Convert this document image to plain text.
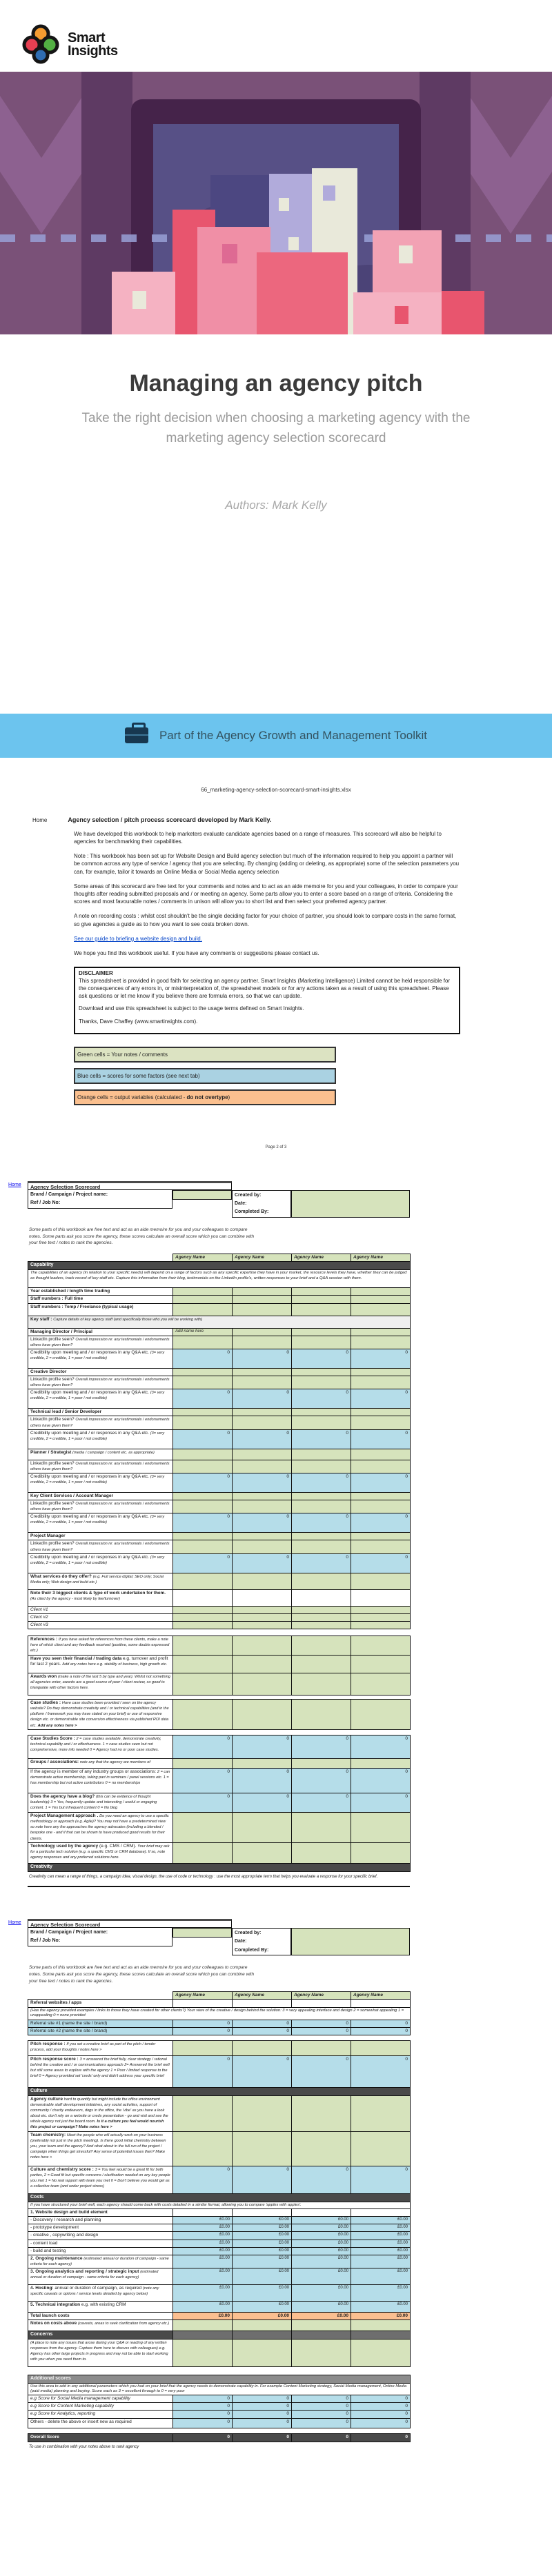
Smart
Insights
Managing an agency pitch
Take the right decision when choosing a marketing agency with the marketing agency selection scorecard
Authors: Mark Kelly
Part of the Agency Growth and Management Toolkit
66_marketing-agency-selection-scorecard-smart-insights.xlsx
Home	Agency selection / pitch process scorecard developed by Mark Kelly.

We have developed this workbook to help marketers evaluate candidate agencies based on a range of measures. This scorecard will also be helpful to agencies for benchmarking their capabilities.

Note : This workbook has been set up for Website Design and Build agency selection but much of the information required to help you appoint a partner will be common across any type of service / agency that you are selecting. By changing (adding or deleting, as appropriate) some of the selection parameters you can, for example, tailor it towards an Online Media or Social Media agency selection

Some areas of this scorecard are free text for your comments and notes and to act as an aide memoire for you and your colleagues, in order to compare your thoughts after reading submitted proposals and / or meeting an agency. Some parts allow you to enter a score based on a range of criteria. Considering the scores and most favourable notes / comments in unison will allow you to short list and then select your preferred agency partner.

A note on recording costs : whilst cost shouldn't be the single deciding factor for your choice of partner, you should look to compare costs in the same format, so give agencies a guide as to how you want to see costs broken down.

See our guide to briefing a website design and build.

We hope you find this workbook useful. If you have any comments or suggestions please contact us.

DISCLAIMER

This spreadsheet is provided in good faith for selecting an agency partner. Smart Insights (Marketing Intelligence) Limited cannot be held responsible for the consequences of any errors in, or misinterpretation of, the spreadsheet models or for any actions taken as a result of using this spreadsheet. Please ask questions or let me know if you believe there are formula errors, so that we can update.

Download and use this spreadsheet is subject to the usage terms defined on Smart Insights.

Thanks, Dave Chaffey (www.smartinsights.com).

Green cells = Your notes / comments
Blue cells = scores for some factors (see next tab)
Orange cells = output variables (calculated - do not overtype)
Page 2 of 3
Home	Agency Selection Scorecard
Brand / Campaign / Project name:
Ref / Job No:
Created by:
Date:
Completed By:
Some parts of this workbook are free text and act as an aide memoire for you and your colleagues to compare notes. Some parts ask you score the agency, these scores calculate an overall score which you can combine with your free text / notes to rank the agencies.
	Agency Name	Agency Name	Agency Name	Agency Name
Capability				
The capabilities of an agency (in relation to your specific needs) will depend on a range of factors such as any specific expertise they have in your market, the resource levels they have, whether they can be judged as thought leaders, track record of key staff etc. Capture this information from their blog, testimonials on the LinkedIn profile's, written responses to your brief and a Q&A session with them.				
Year established / length time trading				
Staff numbers : Full time				
Staff numbers : Temp / Freelance (typical usage)				
Key staff : Capture details of key agency staff (and specifically those who you will be working with)				
Managing Director / Principal	Add name here			
LinkedIn profile seen? Overall impression re: any testimonials / endorsements others have given them?				
Credibility upon meeting and / or responses in any Q&A etc. (3= very credible, 2 = credible, 1 = poor / not credible)	0	0	0	0
Creative Director				
LinkedIn profile seen? Overall impression re: any testimonials / endorsements others have given them?				
Credibility upon meeting and / or responses in any Q&A etc. (3= very credible, 2 = credible, 1 = poor / not credible)	0	0	0	0
Technical lead / Senior Developer				
LinkedIn profile seen? Overall impression re: any testimonials / endorsements others have given them?				
Credibility upon meeting and / or responses in any Q&A etc. (3= very credible, 2 = credible, 1 = poor / not credible)	0	0	0	0
Planner / Strategist (media / campaign / content etc. as appropriate)				
LinkedIn profile seen? Overall impression re: any testimonials / endorsements others have given them?				
Credibility upon meeting and / or responses in any Q&A etc. (3= very credible, 2 = credible, 1 = poor / not credible)	0	0	0	0
Key Client Services / Account Manager				
LinkedIn profile seen? Overall impression re: any testimonials / endorsements others have given them?				
Credibility upon meeting and / or responses in any Q&A etc. (3= very credible, 2 = credible, 1 = poor / not credible)	0	0	0	0
Project Manager				
LinkedIn profile seen? Overall impression re: any testimonials / endorsements others have given them?				
Credibility upon meeting and / or responses in any Q&A etc. (3= very credible, 2 = credible, 1 = poor / not credible)	0	0	0	0
What services do they offer? (e.g. Full service digital; SEO only; Social Media only; Web design and build etc.)				
Note their 3 biggest clients & type of work undertaken for them. (As cited by the agency - most likely by fee/turnover)				
Client #1				
Client #2				
Client #3				
References : If you have asked for references from these clients, make a note here of which client and any feedback received (positive, some doubts expressed etc.)				
Have you seen their financial / trading data e.g. turnover and profit for last 2 years. Add any notes here e.g. stability of business, high growth etc.				
Awards won (make a note of the last 5 by type and year). Whilst not something all agencies enter, awards are a good source of peer / client review, so good to triangulate with other factors here.				
Case studies : Have case studies been provided / seen on the agency website? Do they demonstrate creativity and / or technical capabilities (and in the platform / framework you may have stated on your brief) or use of responsive design etc. or demonstrable site conversion effectiveness via published ROI data etc. Add any notes here >				
Case Studies Score : 2 = case studies available, demonstrate creativity, technical capability and / or effectiveness. 1 = case studies seen but not comprehensive, more info needed 0 = Agency had no or poor case studies.	0	0	0	0
Groups / associations: note any that the agency are members of				
If the agency is member of any industry groups or associations: 2 = can demonstrate active membership, taking part in seminars / panel sessions etc. 1 = has membership but not active contributors 0 = no memberships	0	0	0	0
Does the agency have a blog? (this can be evidence of thought leadership) 3 = Yes, frequently update and interesting / useful or engaging content. 1 = Yes but infrequent content 0 = No blog	0	0	0	0
Project Management approach . Do you need an agency to use a specific methodology or approach (e.g. Agile)? You may not have a predetermined view so note here any the approaches the agency advocates (including a blended / bespoke one - and if that can be shown to have produced good results for their clients.				
Technology used by the agency (e.g. CMS / CRM). Your brief may ask for a particular tech solution (e.g. a specific CMS or CRM database). If so, note agency responses and any preferred solutions here.				
Creativity				
Creativity can mean a range of things, a campaign idea, visual design, the use of code or technology : use the most appropriate term that helps you evaluate a response for your specific brief.
Home	Agency Selection Scorecard
Brand / Campaign / Project name:
Ref / Job No:
Created by:
Date:
Completed By:
Some parts of this workbook are free text and act as an aide memoire for you and your colleagues to compare notes. Some parts ask you score the agency, these scores calculate an overall score which you can combine with your free text / notes to rank the agencies.
	Agency Name	Agency Name	Agency Name	Agency Name
Referral websites / apps				
(Has the agency provided examples / links to those they have created for other clients?) Your view of the creative / design behind the solution: 3 = very appealing interface and design 2 = somewhat appealing 1 = unappealing 0 = none provided				
Referral site #1 (name the site / brand)	0	0	0	0
Referral site #2 (name the site / brand)	0	0	0	0
Pitch response : If you set a creative brief as part of the pitch / tender process, add your thoughts / notes here >				
Pitch response score : 3 = answered the brief fully, clear strategy / rational behind the creative and / or communications approach 2= Answered the brief well but still some areas to explore with the agency 1 = Poor / limited response to the brief 0 = Agency provided set 'creds' only and didn't address your specific brief	0	0	0	0
Culture				
Agency culture hard to quantify but might include the office environment demonstrable staff development initiatives, any social activities, support of community / charity endeavors, dogs in the office, the 'vibe' as you have a look about etc. don't rely on a website or creds presentation - go and visit and see the whole agency not just the board room. Is it a culture you feel would nourish this project or campaign? Make notes here >				
Team chemistry: Meet the people who will actually work on your business (preferably not just in the pitch meeting). Is there good initial chemistry between you, your team and the agency? And what about in the full run of the project / campaign when things get stressful? Any sense of potential issues then? Make notes here >				
Culture and chemistry score : 3 = You feel would be a great fit for both parties, 2 = Good fit but specific concerns / clarification needed on any key people you met 1 = No real rapport with team you met 0 = Don't believe you would gel as a collective team (and under project stress)	0	0	0	0
Costs				
If you have structured your brief well, each agency should come back with costs detailed in a similar format, allowing you to compare 'apples with apples'.				
1. Website design and build element				
- Discovery / research and planning	£0.00	£0.00	£0.00	£0.00
- prototype development	£0.00	£0.00	£0.00	£0.00
- creative , copywriting and design	£0.00	£0.00	£0.00	£0.00
- content load	£0.00	£0.00	£0.00	£0.00
- build and testing	£0.00	£0.00	£0.00	£0.00
2. Ongoing maintenance (estimated annual or duration of campaign - same criteria for each agency)	£0.00	£0.00	£0.00	£0.00
3. Ongoing analytics and reporting / strategic input (estimated annual or duration of campaign - same criteria for each agency)	£0.00	£0.00	£0.00	£0.00
4. Hosting: annual or duration of campaign, as required (note any specific caveats or options / service levels detailed by agency below)	£0.00	£0.00	£0.00	£0.00
5. Technical integration e.g. with existing CRM	£0.00	£0.00	£0.00	£0.00
Total launch costs	£0.00	£0.00	£0.00	£0.00
Notes on costs above (caveats, areas to seek clarification from agency etc.)				
Concerns				
(A place to note any issues that arose during your Q&A or reading of any written responses from the agency. Capture them here to discuss with colleagues) e.g. Agency has other large projects in progress and may not be able to start working with you when you need them to.				
Additional scores				
Use this area to add in any additional parameters which you had on your brief that the agency needs to demonstrate capability in. For example Content Marketing strategy, Social Media management, Online Media (paid media) planning and buying. Score each as 3 = excellent through to 0 = very poor				
e.g Score for Social Media management capability	0	0	0	0
e.g Score for Content Marketing capability	0	0	0	0
e.g Score for Analytics, reporting	0	0	0	0
Others - delete the above or insert new as required	0	0	0	0
Overall Score	0	0	0	0
To use in combination with your notes above to rank agency
